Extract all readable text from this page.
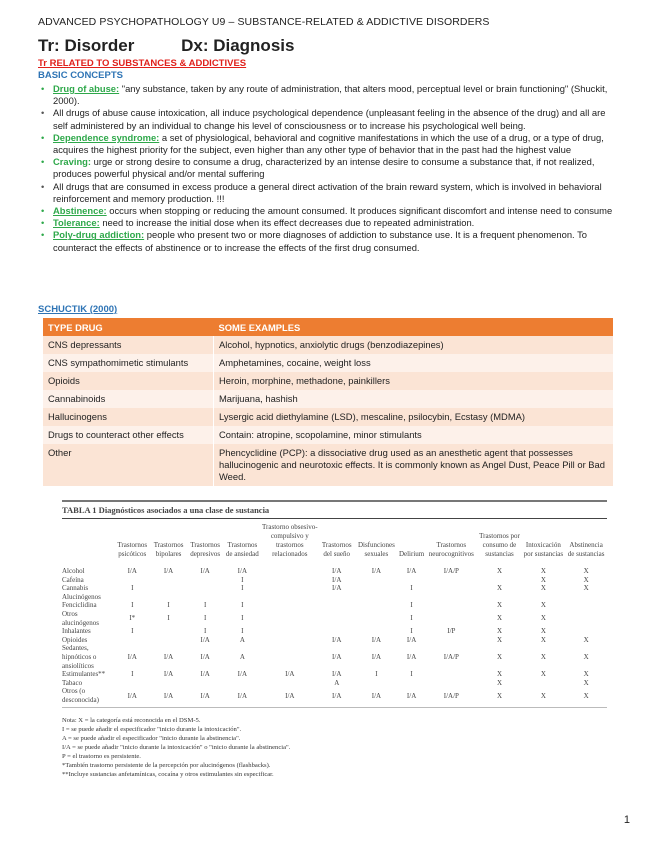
ADVANCED PSYCHOPATHOLOGY U9 – SUBSTANCE-RELATED & ADDICTIVE DISORDERS
Tr: Disorder	Dx: Diagnosis
Tr RELATED TO SUBSTANCES & ADDICTIVES
BASIC CONCEPTS
• Drug of abuse: "any substance, taken by any route of administration, that alters mood, perceptual level or brain functioning" (Shuckit, 2000).
• All drugs of abuse cause intoxication, all induce psychological dependence (unpleasant feeling in the absence of the drug) and all are self administered by an individual to change his level of consciousness or to increase his psychological well being.
• Dependence syndrome: a set of physiological, behavioral and cognitive manifestations in which the use of a drug, or a type of drug, acquires the highest priority for the subject, even higher than any other type of behavior that in the past had the highest value
• Craving: urge or strong desire to consume a drug, characterized by an intense desire to consume a substance that, if not realized, produces powerful physical and/or mental suffering
• All drugs that are consumed in excess produce a general direct activation of the brain reward system, which is involved in behavioral reinforcement and memory production. !!!
• Abstinence: occurs when stopping or reducing the amount consumed. It produces significant discomfort and intense need to consume
• Tolerance: need to increase the initial dose when its effect decreases due to repeated administration.
• Poly-drug addiction: people who present two or more diagnoses of addiction to substance use. It is a frequent phenomenon. To counteract the effects of abstinence or to increase the effects of the first drug consumed.
SCHUCTIK (2000)
TYPE DRUG	SOME EXAMPLES
CNS depressants	Alcohol, hypnotics, anxiolytic drugs (benzodiazepines)
CNS sympathomimetic stimulants	Amphetamines, cocaine, weight loss
Opioids	Heroin, morphine, methadone, painkillers
Cannabinoids	Marijuana, hashish
Hallucinogens	Lysergic acid diethylamine (LSD), mescaline, psilocybin, Ecstasy (MDMA)
Drugs to counteract other effects	Contain: atropine, scopolamine, minor stimulants
Other	Phencyclidine (PCP): a dissociative drug used as an anesthetic agent that possesses hallucinogenic and neurotoxic effects. It is commonly known as Angel Dust, Peace Pill or Bad Weed.
TABLA 1 Diagnósticos asociados a una clase de sustancia
	Trastornos psicóticos	Trastornos bipolares	Trastornos depresivos	Trastornos de ansiedad	Trastorno obsesivo-compulsivo y trastornos relacionados	Trastornos del sueño	Disfunciones sexuales	Delirium	Trastornos neurocognitivos	Trastornos por consumo de sustancias	Intoxicación por sustancias	Abstinencia de sustancias
Alcohol	I/A	I/A	I/A	I/A		I/A	I/A	I/A	I/A/P	X	X	X
Cafeína				I		I/A					X	X
Cannabis	I			I		I/A		I		X	X	X
Alucinógenos												
Fenciclidina	I	I	I	I				I		X	X	
Otros alucinógenos	I*	I	I	I				I		X	X	
Inhalantes	I		I	I				I	I/P	X	X	
Opioides			I/A	A		I/A	I/A	I/A		X	X	X
Sedantes, hipnóticos o ansiolíticos	I/A	I/A	I/A	A		I/A	I/A	I/A	I/A/P	X	X	X
Estimulantes**	I	I/A	I/A	I/A	I/A	I/A	I	I		X	X	X
Tabaco						A				X		X
Otros (o desconocida)	I/A	I/A	I/A	I/A	I/A	I/A	I/A	I/A	I/A/P	X	X	X
Nota: X = la categoría está reconocida en el DSM-5.
I = se puede añadir el especificador "inicio durante la intoxicación".
A = se puede añadir el especificador "inicio durante la abstinencia".
I/A = se puede añadir "inicio durante la intoxicación" o "inicio durante la abstinencia".
P = el trastorno es persistente.
*También trastorno persistente de la percepción por alucinógenos (flashbacks).
**Incluye sustancias anfetamínicas, cocaína y otros estimulantes sin especificar.
1
